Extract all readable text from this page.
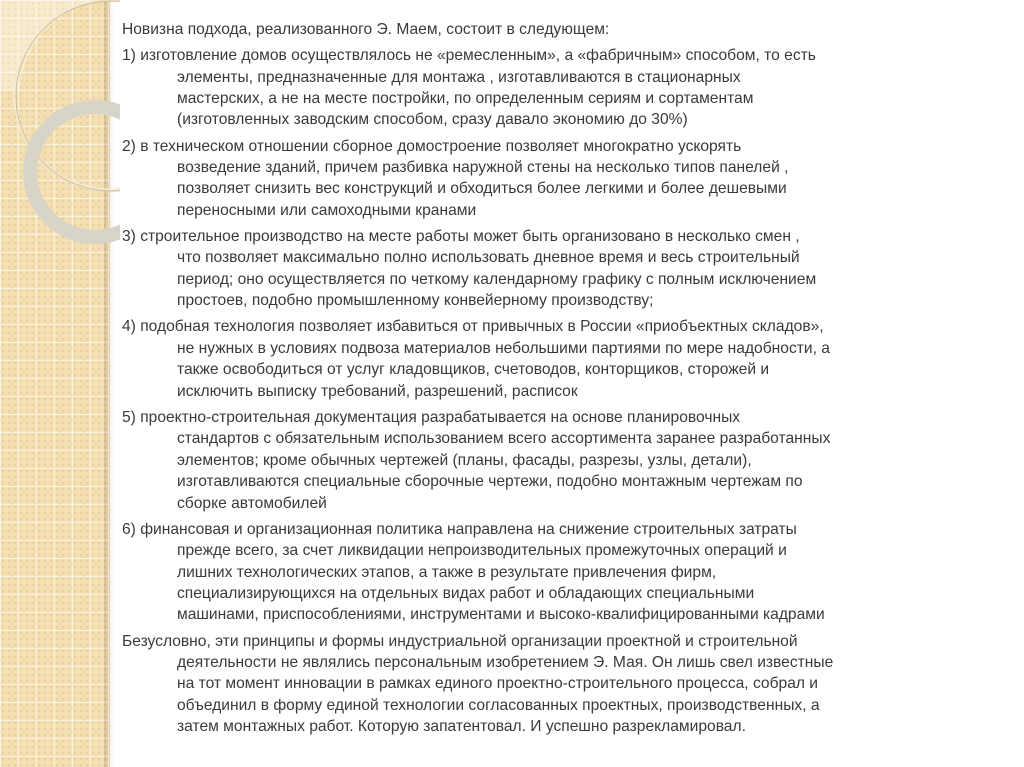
Новизна подхода, реализованного Э. Маем, состоит в следующем:
1) изготовление домов осуществлялось не «ремесленным», а «фабричным» способом, то есть
элементы, предназначенные для монтажа , изготавливаются в стационарных
мастерских, а не на месте постройки, по определенным сериям и сортаментам
(изготовленных заводским способом, сразу давало экономию до 30%)
2) в техническом отношении сборное домостроение позволяет многократно ускорять
возведение зданий, причем разбивка наружной стены на несколько типов панелей ,
позволяет снизить вес конструкций и обходиться более легкими и более дешевыми
переносными или самоходными кранами
3) строительное производство на месте работы может быть организовано в несколько смен ,
что позволяет максимально полно использовать дневное время и весь строительный
период; оно осуществляется по четкому календарному графику с полным исключением
простоев, подобно промышленному конвейерному производству;
4) подобная технология позволяет избавиться от привычных в России «приобъектных складов»,
не нужных в условиях подвоза материалов небольшими партиями по мере надобности, а
также освободиться от услуг кладовщиков, счетоводов, конторщиков, сторожей и
исключить выписку требований, разрешений, расписок
5) проектно-строительная документация разрабатывается на основе планировочных
стандартов с обязательным использованием всего ассортимента заранее разработанных
элементов; кроме обычных чертежей (планы, фасады, разрезы, узлы, детали),
изготавливаются специальные сборочные чертежи, подобно монтажным чертежам по
сборке автомобилей
6) финансовая и организационная политика направлена на снижение строительных затраты
прежде всего, за счет ликвидации непроизводительных промежуточных операций и
лишних технологических этапов, а также в результате привлечения фирм,
специализирующихся на отдельных видах работ и обладающих специальными
машинами, приспособлениями, инструментами и высоко-квалифицированными кадрами
Безусловно, эти принципы и формы индустриальной организации проектной и строительной
деятельности не являлись персональным изобретением Э. Мая. Он лишь свел известные
на тот момент инновации в рамках единого проектно-строительного процесса, собрал и
объединил в форму единой технологии согласованных проектных, производственных, а
затем монтажных работ. Которую запатентовал. И успешно разрекламировал.
